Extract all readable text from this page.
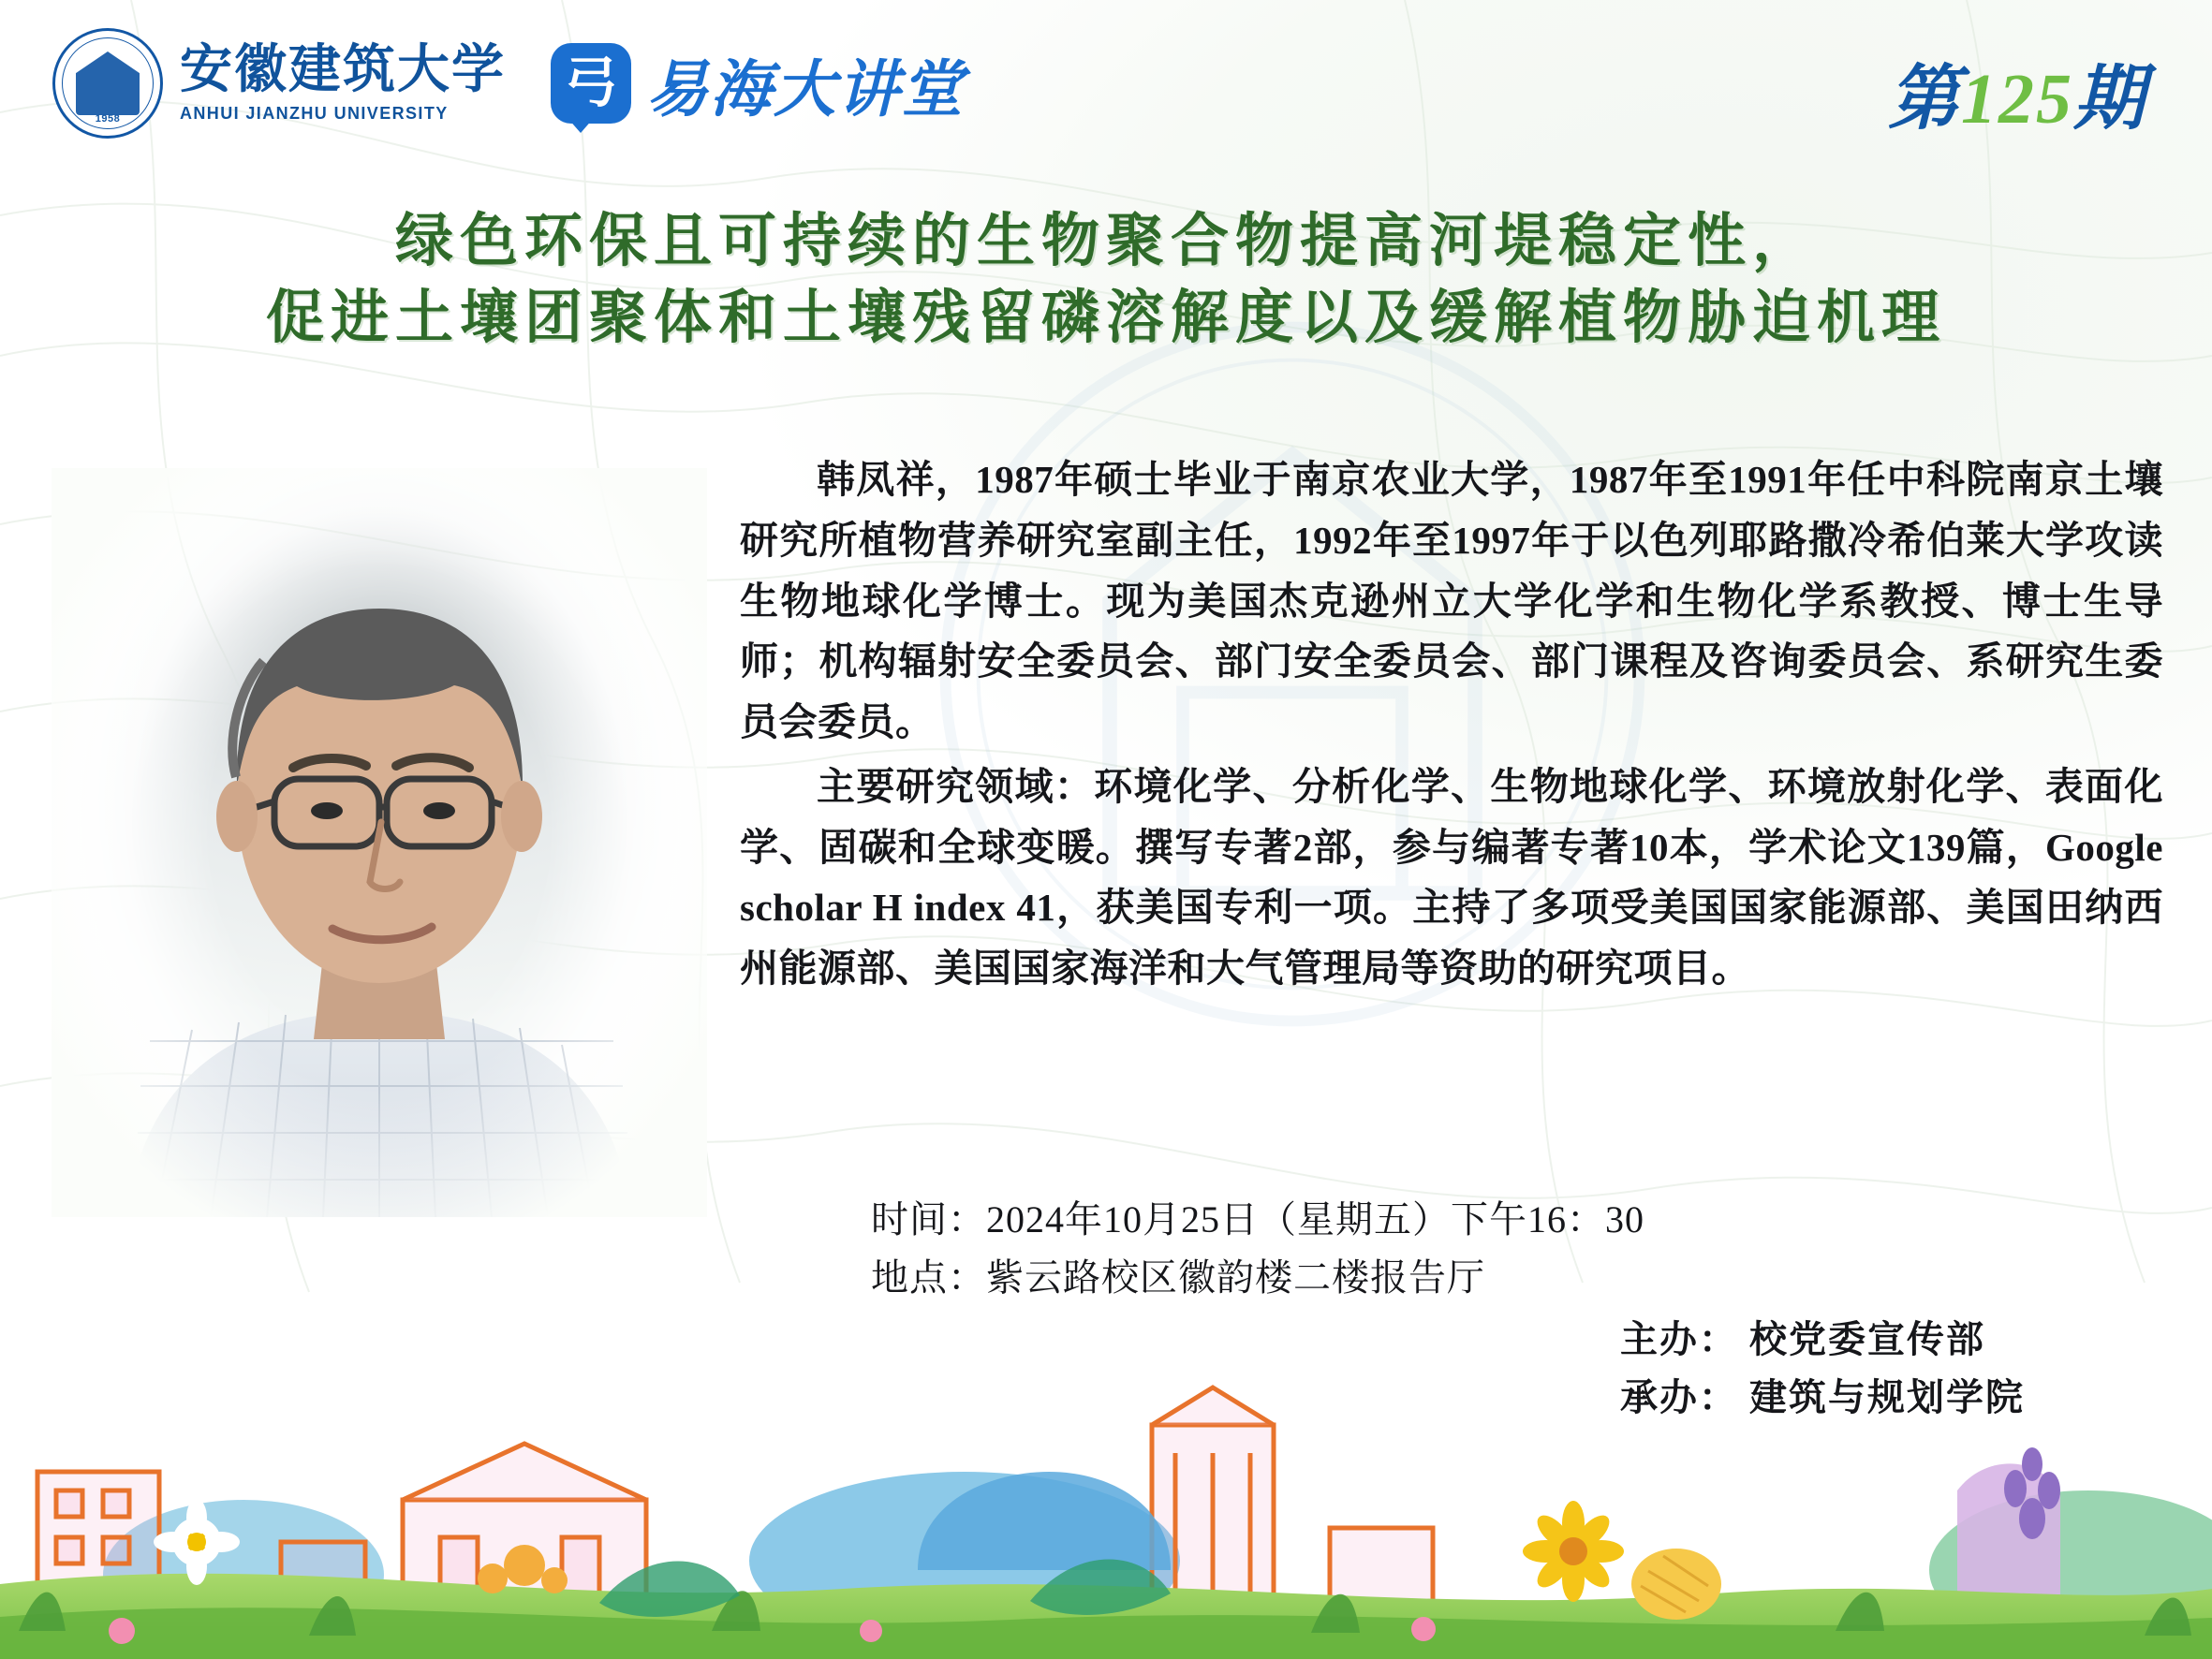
1958
安徽建筑大学
ANHUI JIANZHU UNIVERSITY	弓 易海大讲堂	第125期
绿色环保且可持续的生物聚合物提高河堤稳定性，
促进土壤团聚体和土壤残留磷溶解度以及缓解植物胁迫机理

韩凤祥，1987年硕士毕业于南京农业大学，1987年至1991年任中科院南京土壤研究所植物营养研究室副主任，1992年至1997年于以色列耶路撒冷希伯莱大学攻读生物地球化学博士。现为美国杰克逊州立大学化学和生物化学系教授、博士生导师；机构辐射安全委员会、部门安全委员会、部门课程及咨询委员会、系研究生委员会委员。

主要研究领域：环境化学、分析化学、生物地球化学、环境放射化学、表面化学、固碳和全球变暖。撰写专著2部，参与编著专著10本，学术论文139篇，Google scholar H index 41，获美国专利一项。主持了多项受美国国家能源部、美国田纳西州能源部、美国国家海洋和大气管理局等资助的研究项目。

时间：2024年10月25日（星期五）下午16：30
地点：紫云路校区徽韵楼二楼报告厅
主办： 校党委宣传部
承办： 建筑与规划学院
